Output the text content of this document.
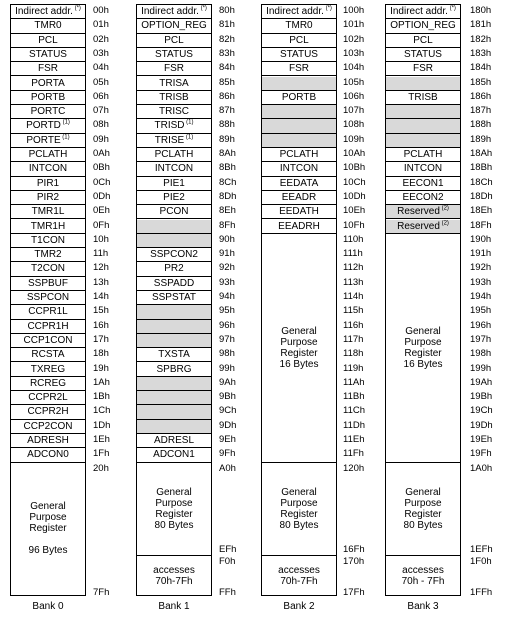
Indirect addr. (*)
TMR0
PCL
STATUS
FSR
PORTA
PORTB
PORTC
PORTD $^{(1)}$
PORTE $^{(1)}$
PCLATH
INTCON
PIR1
PIR2
TMR1L
TMR1H
T1CON
TMR2
T2CON
SSPBUF
SSPCON
CCPR1L
CCPR1H
CCP1CON
RCSTA
TXREG
RCREG
CCPR2L
CCPR2H
CCP2CON
ADRESH
ADCON0
General
Purpose
Register
96 Bytes
00h
01h
02h
03h
04h
05h
06h
07h
08h
09h
0Ah
0Bh
0Ch
0Dh
0Eh
0Fh
10h
11h
12h
13h
14h
15h
16h
17h
18h
19h
1Ah
1Bh
1Ch
1Dh
1Eh
1Fh
20h
7Fh
Bank 0
Indirect addr. (*)
OPTION_REG
PCL
STATUS
FSR
TRISA
TRISB
TRISC
TRISD $^{(1)}$
TRISE $^{(1)}$
PCLATH
INTCON
PIE1
PIE2
PCON
SSPCON2
PR2
SSPADD
SSPSTAT
TXSTA
SPBRG
ADRESL
ADCON1
General
Purpose
Register
80 Bytes
accesses
70h-7Fh
80h
81h
82h
83h
84h
85h
86h
87h
88h
89h
8Ah
8Bh
8Ch
8Dh
8Eh
8Fh
90h
91h
92h
93h
94h
95h
96h
97h
98h
99h
9Ah
9Bh
9Ch
9Dh
9Eh
9Fh
A0h
EFh
F0h
FFh
Bank 1
Indirect addr. (*)
TMR0
PCL
STATUS
FSR
PORTB
PCLATH
INTCON
EEDATA
EEADR
EEDATH
EEADRH
General
Purpose
Register
16 Bytes
General
Purpose
Register
80 Bytes
accesses
70h-7Fh
100h
101h
102h
103h
104h
105h
106h
107h
108h
109h
10Ah
10Bh
10Ch
10Dh
10Eh
10Fh
110h
111h
112h
113h
114h
115h
116h
117h
118h
119h
11Ah
11Bh
11Ch
11Dh
11Eh
11Fh
120h
16Fh
170h
17Fh
Bank 2
Indirect addr. (*)
OPTION_REG
PCL
STATUS
FSR
TRISB
PCLATH
INTCON
EECON1
EECON2
Reserved $^{(2)}$
Reserved $^{(2)}$
General
Purpose
Register
16 Bytes
General
Purpose
Register
80 Bytes
accesses
70h - 7Fh
180h
181h
182h
183h
184h
185h
186h
187h
188h
189h
18Ah
18Bh
18Ch
18Dh
18Eh
18Fh
190h
191h
192h
193h
194h
195h
196h
197h
198h
199h
19Ah
19Bh
19Ch
19Dh
19Eh
19Fh
1A0h
1EFh
1F0h
1FFh
Bank 3
